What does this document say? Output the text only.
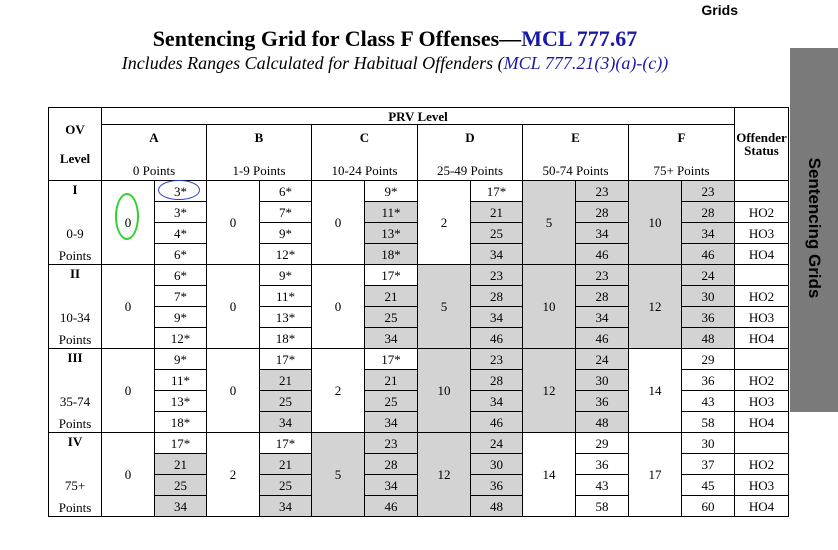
Grids
Sentencing Grid for Class F Offenses—MCL 777.67
Includes Ranges Calculated for Habitual Offenders (MCL 777.21(3)(a)-(c))
Sentencing Grids
OV
Level	PRV Level												Offender Status
	A		B		C		D		E		F		
	0 Points		1-9 Points		10-24 Points		25-49 Points		50-74 Points		75+ Points		
I	0	3*	0	6*	0	9*	2	17*	5	23	10	23	
		3*		7*		11*		21		28		28	HO2
0-9		4*		9*		13*		25		34		34	HO3
Points		6*		12*		18*		34		46		46	HO4
II	0	6*	0	9*	0	17*	5	23	10	23	12	24	
		7*		11*		21		28		28		30	HO2
10-34		9*		13*		25		34		34		36	HO3
Points		12*		18*		34		46		46		48	HO4
III	0	9*	0	17*	2	17*	10	23	12	24	14	29	
		11*		21		21		28		30		36	HO2
35-74		13*		25		25		34		36		43	HO3
Points		18*		34		34		46		48		58	HO4
IV	0	17*	2	17*	5	23	12	24	14	29	17	30	
		21		21		28		30		36		37	HO2
75+		25		25		34		36		43		45	HO3
Points		34		34		46		48		58		60	HO4
